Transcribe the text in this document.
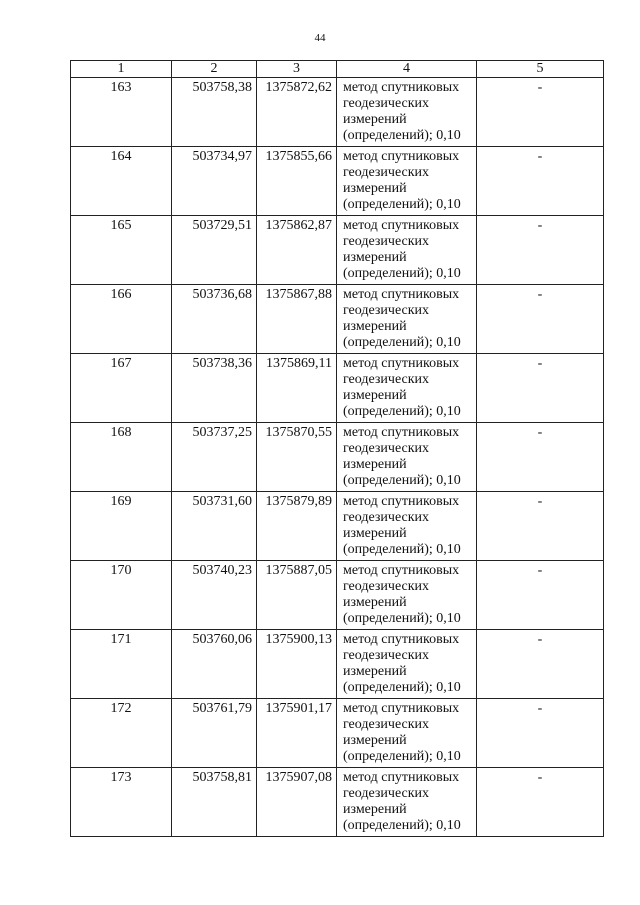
44
1	2	3	4	5
163	503758,38	1375872,62	метод спутниковых
геодезических
измерений
(определений); 0,10	-
164	503734,97	1375855,66	метод спутниковых
геодезических
измерений
(определений); 0,10	-
165	503729,51	1375862,87	метод спутниковых
геодезических
измерений
(определений); 0,10	-
166	503736,68	1375867,88	метод спутниковых
геодезических
измерений
(определений); 0,10	-
167	503738,36	1375869,11	метод спутниковых
геодезических
измерений
(определений); 0,10	-
168	503737,25	1375870,55	метод спутниковых
геодезических
измерений
(определений); 0,10	-
169	503731,60	1375879,89	метод спутниковых
геодезических
измерений
(определений); 0,10	-
170	503740,23	1375887,05	метод спутниковых
геодезических
измерений
(определений); 0,10	-
171	503760,06	1375900,13	метод спутниковых
геодезических
измерений
(определений); 0,10	-
172	503761,79	1375901,17	метод спутниковых
геодезических
измерений
(определений); 0,10	-
173	503758,81	1375907,08	метод спутниковых
геодезических
измерений
(определений); 0,10	-
